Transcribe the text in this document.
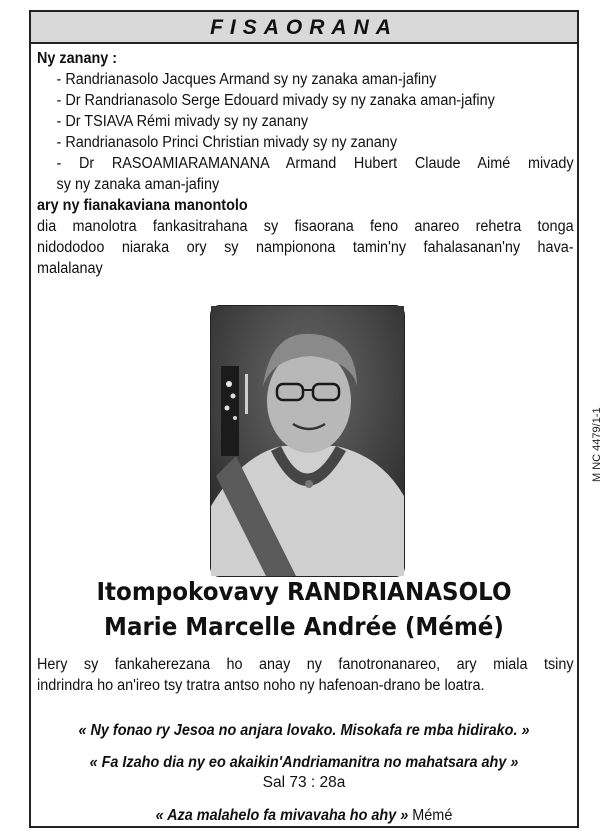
FISAORANA
Ny zanany :
- Randrianasolo Jacques Armand sy ny zanaka aman-jafiny
- Dr Randrianasolo Serge Edouard mivady sy ny zanaka aman-jafiny
- Dr TSIAVA Rémi mivady sy ny zanany
- Randrianasolo Princi Christian mivady sy ny zanany
- Dr RASOAMIARAMANANA Armand Hubert Claude Aimé mivady
sy ny zanaka aman-jafiny
ary ny fianakaviana manontolo
dia manolotra fankasitrahana sy fisaorana feno anareo rehetra tonga
nidododoo niaraka ory sy nampionona tamin'ny fahalasanan'ny hava-
malalanay
M NC 4479/1-1
Itompokovavy RANDRIANASOLO
Marie Marcelle Andrée (Mémé)
Hery sy fankaherezana ho anay ny fanotronanareo, ary miala tsiny
indrindra ho an'ireo tsy tratra antso noho ny hafenoan-drano be loatra.
« Ny fonao ry Jesoa no anjara lovako. Misokafa re mba hidirako. »
« Fa Izaho dia ny eo akaikin'Andriamanitra no mahatsara ahy »
Sal 73 : 28a
« Aza malahelo fa mivavaha ho ahy » Mémé
